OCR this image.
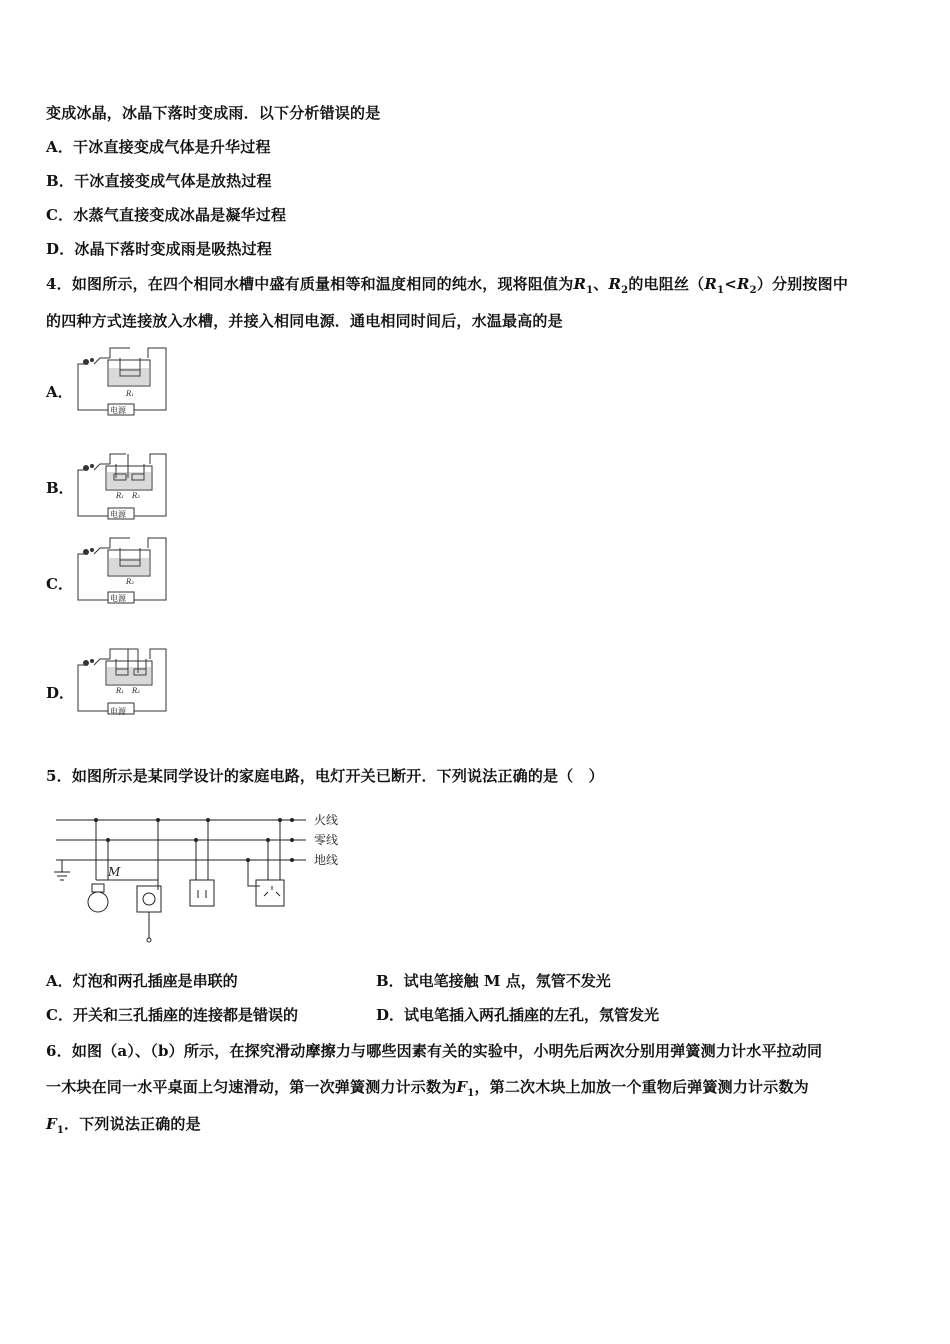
变成冰晶，冰晶下落时变成雨．以下分析错误的是
A．干冰直接变成气体是升华过程
B．干冰直接变成气体是放热过程
C．水蒸气直接变成冰晶是凝华过程
D．冰晶下落时变成雨是吸热过程
4．如图所示，在四个相同水槽中盛有质量相等和温度相同的纯水，现将阻值为$R_1$、$R_2$的电阻丝$(R_1<R_2)$分别按图中
的四种方式连接放入水槽，并接入相同电源．通电相同时间后，水温最高的是
A．
B．
C．
D．
R₁
电源
R₁ R₂
电源
R₂
电源
R₁ R₂
电源
5．如图所示是某同学设计的家庭电路，电灯开关已断开．下列说法正确的是（　）
M
火线
零线
地线
A．灯泡和两孔插座是串联的	B．试电笔接触 M 点，氖管不发光
C．开关和三孔插座的连接都是错误的	D．试电笔插入两孔插座的左孔，氖管发光
6．如图（a）、（b）所示，在探究滑动摩擦力与哪些因素有关的实验中，小明先后两次分别用弹簧测力计水平拉动同
一木块在同一水平桌面上匀速滑动，第一次弹簧测力计示数为$F_1$，第二次木块上加放一个重物后弹簧测力计示数为
$F_1$．下列说法正确的是
